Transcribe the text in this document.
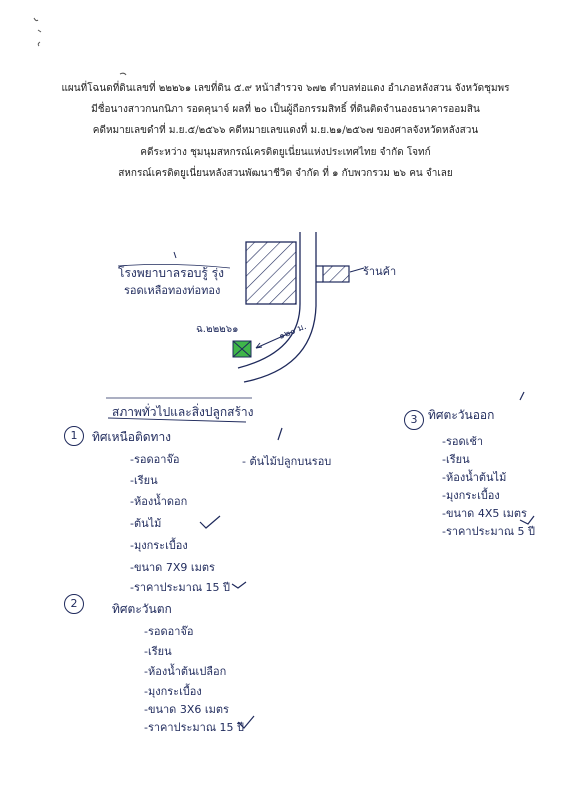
แผนที่โฉนดที่ดินเลขที่ ๒๒๒๖๑ เลขที่ดิน ๕.๙ หน้าสำรวจ ๖๗๒ ตำบลท่อแดง อำเภอหลังสวน จังหวัดชุมพร
มีชื่อนางสาวกนกนิภา รอดคุนาจ์ ผลที่ ๒๐ เป็นผู้ถือกรรมสิทธิ์ ที่ดินติดจำนองธนาคารออมสิน
คดีหมายเลขดำที่ ม.ย.๕/๒๕๖๖ คดีหมายเลขแดงที่ ม.ย.๒๑/๒๕๖๗ ของศาลจังหวัดหลังสวน
คดีระหว่าง ชุมนุมสหกรณ์เครดิตยูเนี่ยนแห่งประเทศไทย จำกัด โจทก์
สหกรณ์เครดิตยูเนี่ยนหลังสวนพัฒนาชีวิต จำกัด ที่ ๑ กับพวกรวม ๒๖ คน จำเลย
โรงพยาบาลรอบรู้ รุ่ง
รอดเหลือทองท่อทอง
ร้านค้า
ฉ.๒๒๒๖๑	๑๒๐ ม.
สภาพทั่วไปและสิ่งปลูกสร้าง
1	ทิศเหนือติดทาง
- ต้นไม้ปลูกบนรอบ
-รอดอาจ๊อ
-เรียน
-ห้องน้ำดอก
-ต้นไม้
-มุงกระเบื้อง
-ขนาด 7X9 เมตร
-ราคาประมาณ 15 ปี
2	ทิศตะวันตก
-รอดอาจ๊อ
-เรียน
-ห้องน้ำต้นเปลือก
-มุงกระเบื้อง
-ขนาด 3X6 เมตร
-ราคาประมาณ 15 ปี
3 ทิศตะวันออก
-รอดเช้า
-เรียน
-ห้องน้ำต้นไม้
-มุงกระเบื้อง
-ขนาด 4X5 เมตร
-ราคาประมาณ 5 ปี
